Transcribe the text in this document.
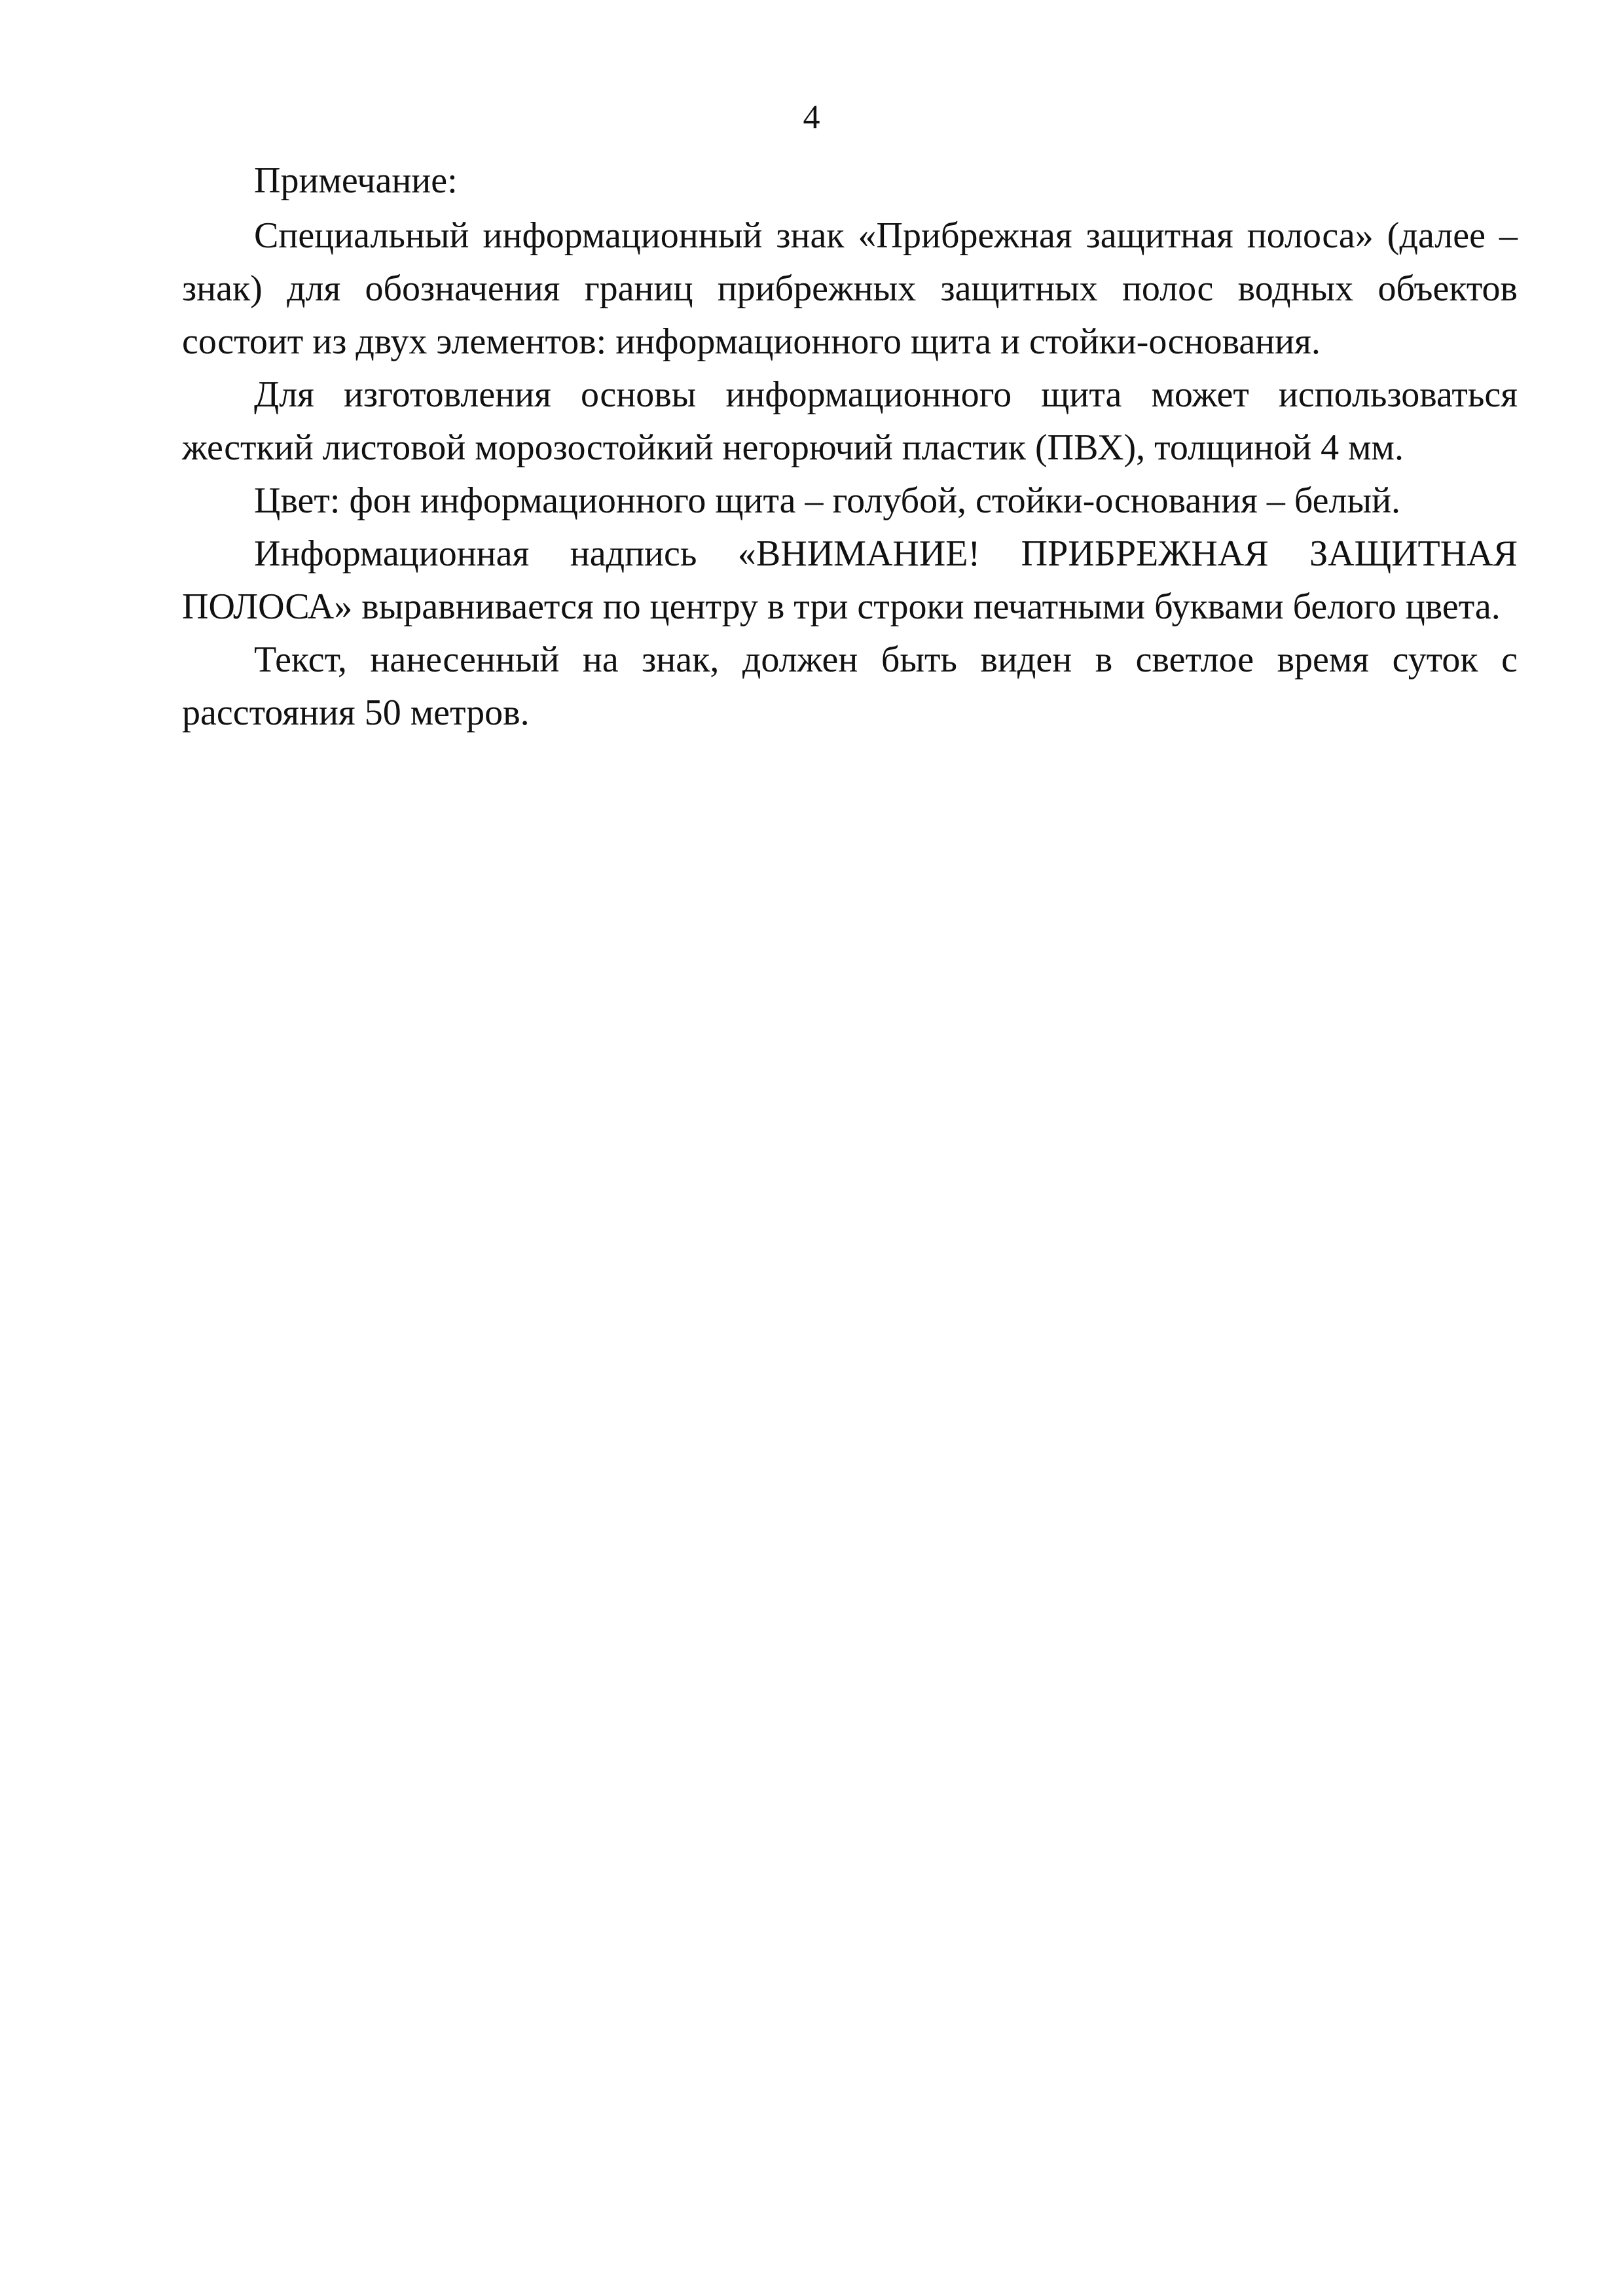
4

Примечание:

Специальный информационный знак «Прибрежная защитная полоса» (далее – знак) для обозначения границ прибрежных защитных полос водных объектов состоит из двух элементов: информационного щита и стойки-основания.

Для изготовления основы информационного щита может использоваться жесткий листовой морозостойкий негорючий пластик (ПВХ), толщиной 4 мм.

Цвет: фон информационного щита – голубой, стойки-основания – белый.

Информационная надпись «ВНИМАНИЕ! ПРИБРЕЖНАЯ ЗАЩИТНАЯ ПОЛОСА» выравнивается по центру в три строки печатными буквами белого цвета.

Текст, нанесенный на знак, должен быть виден в светлое время суток с расстояния 50 метров.
